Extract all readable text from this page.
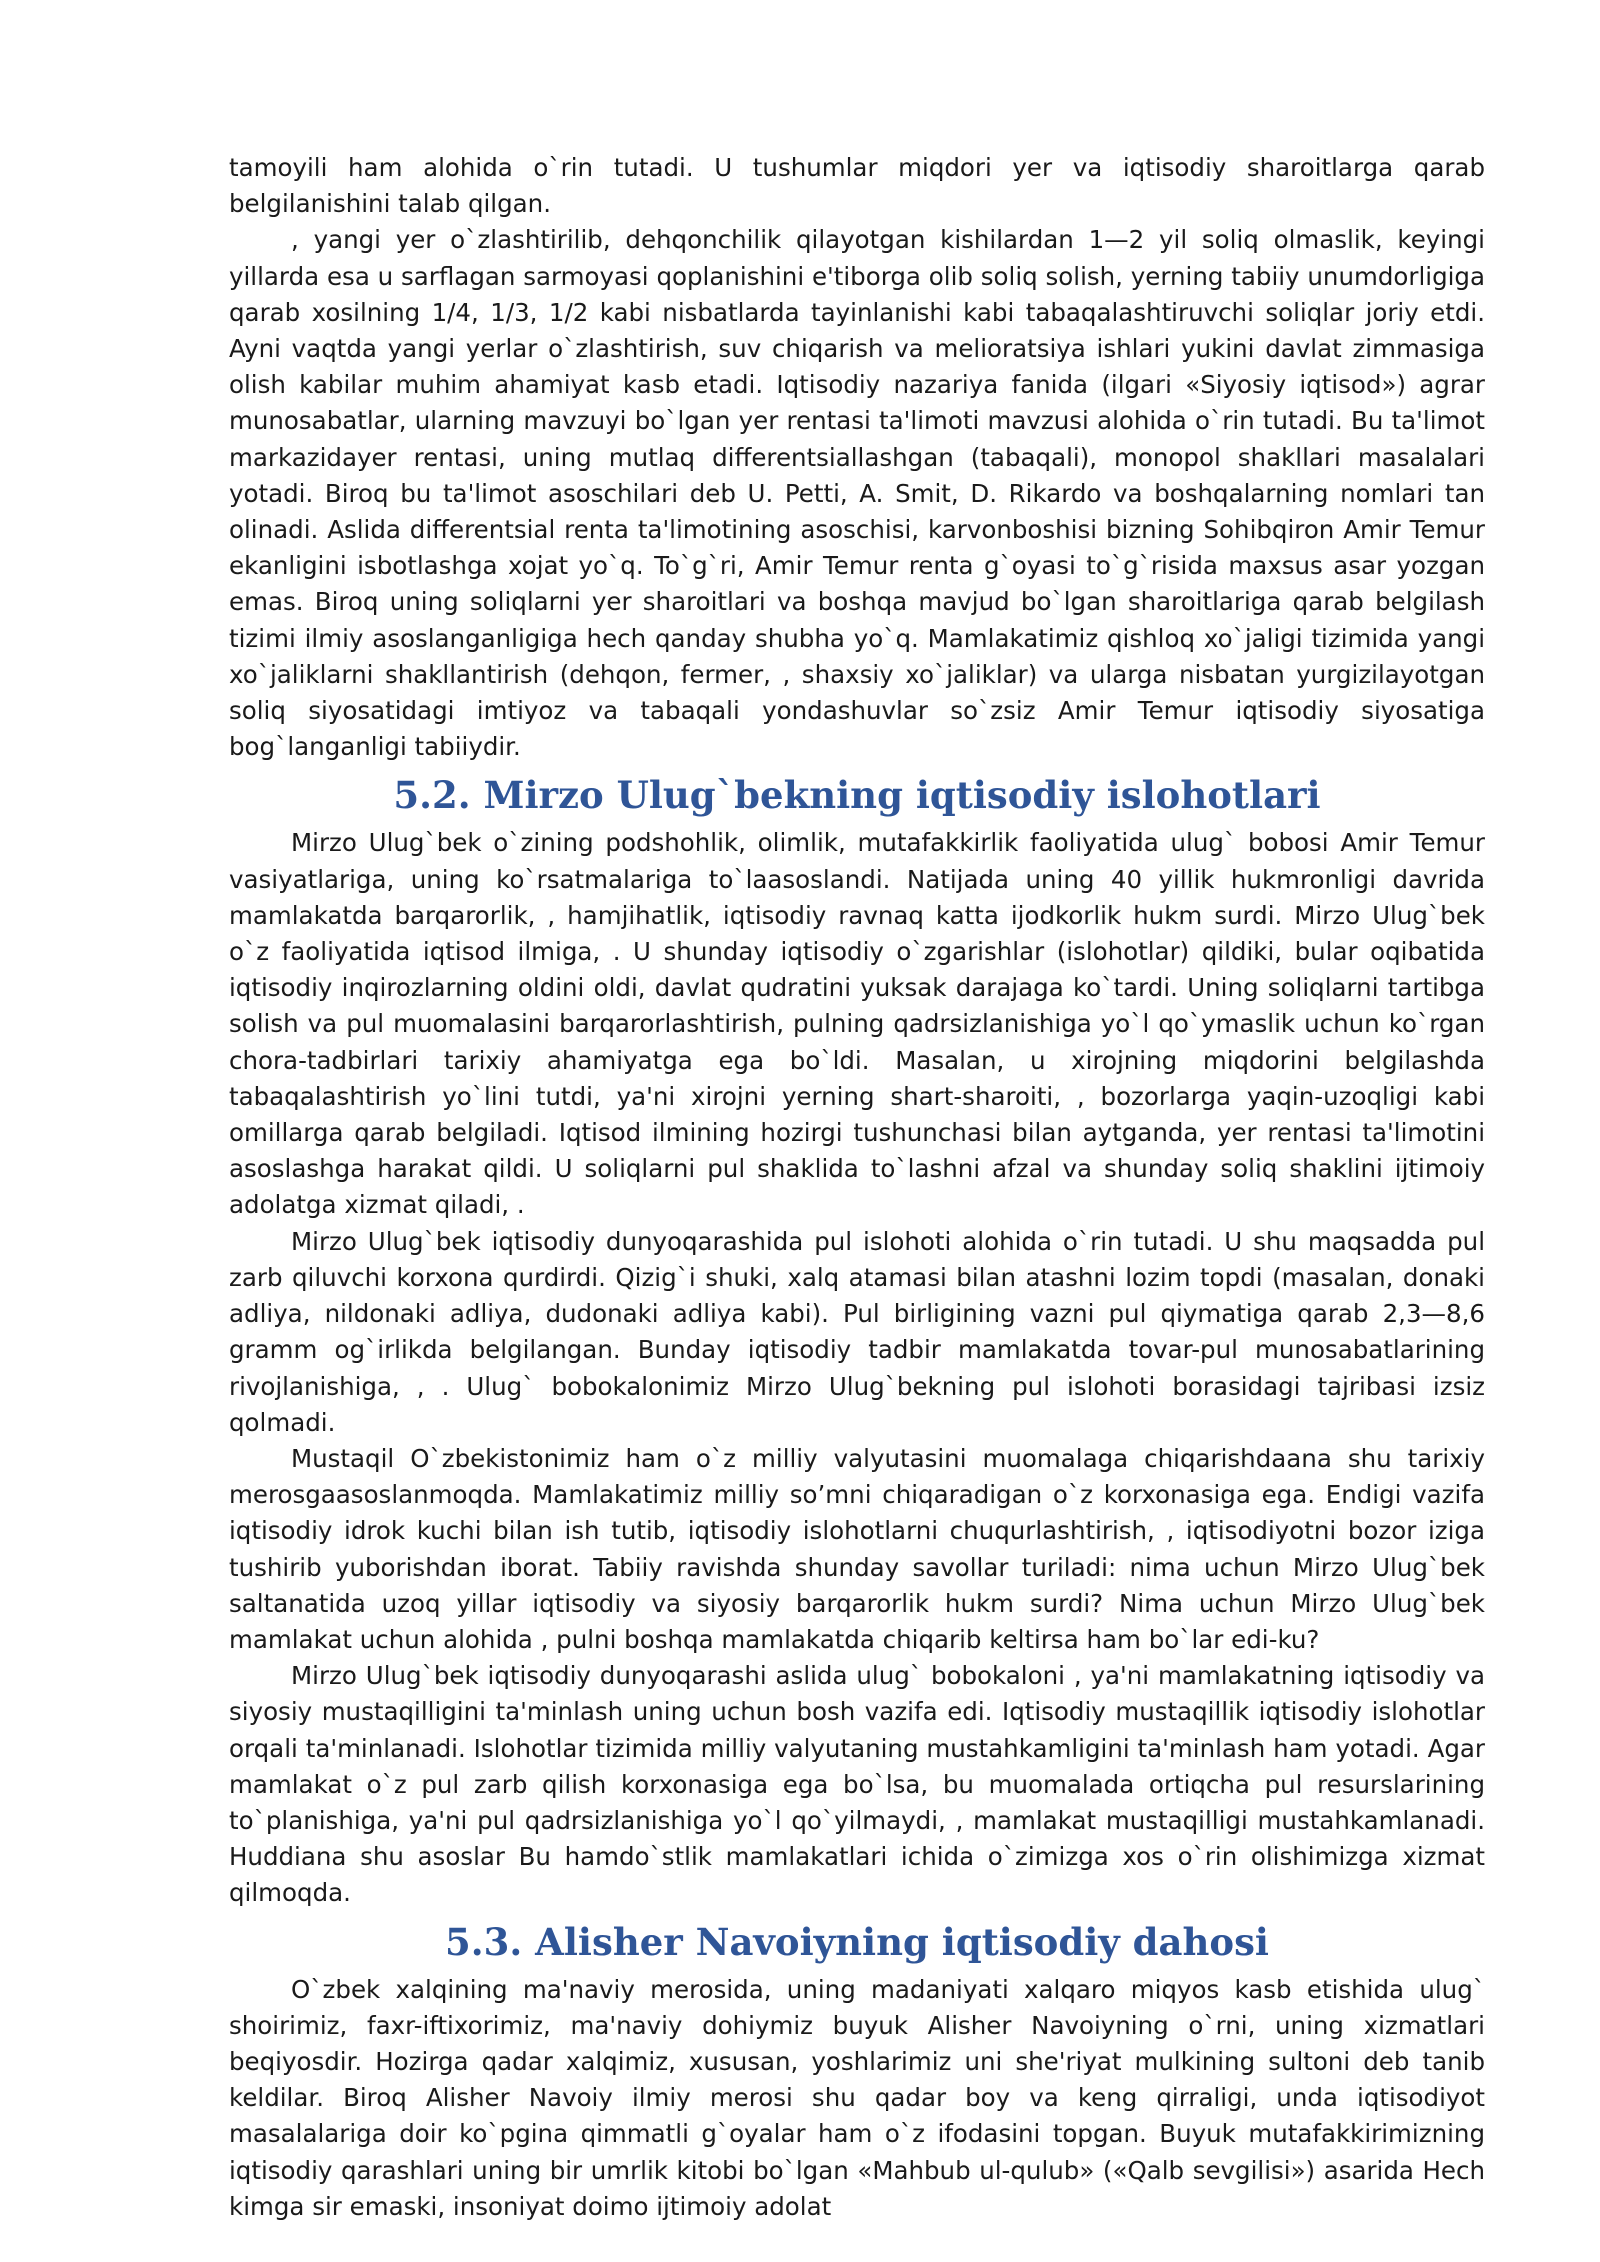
tamoyili ham alohida o`rin tutadi. U tushumlar miqdori yer va iqtisodiy sharoitlarga qarab belgilanishini talab qilgan.

, yangi yer o`zlashtirilib, dehqonchilik qilayotgan kishilardan 1—2 yil soliq olmaslik, keyingi yillarda esa u sarflagan sarmoyasi qoplanishini e'tiborga olib soliq solish, yerning tabiiy unumdorligiga qarab xosilning 1/4, 1/3, 1/2 kabi nisbatlarda tayinlanishi kabi tabaqalashtiruvchi soliqlar joriy etdi. Ayni vaqtda yangi yerlar o`zlashtirish, suv chiqarish va melioratsiya ishlari yukini davlat zimmasiga olish kabilar muhim ahamiyat kasb etadi. Iqtisodiy nazariya fanida (ilgari «Siyosiy iqtisod») agrar munosabatlar, ularning mavzuyi bo`lgan yer rentasi ta'limoti mavzusi alohida o`rin tutadi. Bu ta'limot markazidayer rentasi, uning mutlaq differentsiallashgan (tabaqali), monopol shakllari masalalari yotadi. Biroq bu ta'limot asoschilari deb U. Petti, A. Smit, D. Rikardo va boshqalarning nomlari tan olinadi. Aslida differentsial renta ta'limotining asoschisi, karvonboshisi bizning Sohibqiron Amir Temur ekanligini isbotlashga xojat yo`q. To`g`ri, Amir Temur renta g`oyasi to`g`risida maxsus asar yozgan emas. Biroq uning soliqlarni yer sharoitlari va boshqa mavjud bo`lgan sharoitlariga qarab belgilash tizimi ilmiy asoslanganligiga hech qanday shubha yo`q. Mamlakatimiz qishloq xo`jaligi tizimida yangi xo`jaliklarni shakllantirish (dehqon, fermer, , shaxsiy xo`jaliklar) va ularga nisbatan yurgizilayotgan soliq siyosatidagi imtiyoz va tabaqali yondashuvlar so`zsiz Amir Temur iqtisodiy siyosatiga bog`langanligi tabiiydir.

5.2. Mirzo Ulug`bekning iqtisodiy islohotlari

Mirzo Ulug`bek o`zining podshohlik, olimlik, mutafakkirlik faoliyatida ulug` bobosi Amir Temur vasiyatlariga, uning ko`rsatmalariga to`laasoslandi. Natijada uning 40 yillik hukmronligi davrida mamlakatda barqarorlik, , hamjihatlik, iqtisodiy ravnaq katta ijodkorlik hukm surdi. Mirzo Ulug`bek o`z faoliyatida iqtisod ilmiga, . U shunday iqtisodiy o`zgarishlar (islohotlar) qildiki, bular oqibatida iqtisodiy inqirozlarning oldini oldi, davlat qudratini yuksak darajaga ko`tardi. Uning soliqlarni tartibga solish va pul muomalasini barqarorlashtirish, pulning qadrsizlanishiga yo`l qo`ymaslik uchun ko`rgan chora-tadbirlari tarixiy ahamiyatga ega bo`ldi. Masalan, u xirojning miqdorini belgilashda tabaqalashtirish yo`lini tutdi, ya'ni xirojni yerning shart-sharoiti, , bozorlarga yaqin-uzoqligi kabi omillarga qarab belgiladi. Iqtisod ilmining hozirgi tushunchasi bilan aytganda, yer rentasi ta'limotini asoslashga harakat qildi. U soliqlarni pul shaklida to`lashni afzal va shunday soliq shaklini ijtimoiy adolatga xizmat qiladi, .

Mirzo Ulug`bek iqtisodiy dunyoqarashida pul islohoti alohida o`rin tutadi. U shu maqsadda pul zarb qiluvchi korxona qurdirdi. Qizig`i shuki, xalq atamasi bilan atashni lozim topdi (masalan, donaki adliya, nildonaki adliya, dudonaki adliya kabi). Pul birligining vazni pul qiymatiga qarab 2,3—8,6 gramm og`irlikda belgilangan. Bunday iqtisodiy tadbir mamlakatda tovar-pul munosabatlarining rivojlanishiga, , . Ulug` bobokalonimiz Mirzo Ulug`bekning pul islohoti borasidagi tajribasi izsiz qolmadi.

Mustaqil O`zbekistonimiz ham o`z milliy valyutasini muomalaga chiqarishdaana shu tarixiy merosgaasoslanmoqda. Mamlakatimiz milliy so’mni chiqaradigan o`z korxonasiga ega. Endigi vazifa iqtisodiy idrok kuchi bilan ish tutib, iqtisodiy islohotlarni chuqurlashtirish, , iqtisodiyotni bozor iziga tushirib yuborishdan iborat. Tabiiy ravishda shunday savollar turiladi: nima uchun Mirzo Ulug`bek saltanatida uzoq yillar iqtisodiy va siyosiy barqarorlik hukm surdi? Nima uchun Mirzo Ulug`bek mamlakat uchun alohida , pulni boshqa mamlakatda chiqarib keltirsa ham bo`lar edi-ku?

Mirzo Ulug`bek iqtisodiy dunyoqarashi aslida ulug` bobokaloni , ya'ni mamlakatning iqtisodiy va siyosiy mustaqilligini ta'minlash uning uchun bosh vazifa edi. Iqtisodiy mustaqillik iqtisodiy islohotlar orqali ta'minlanadi. Islohotlar tizimida milliy valyutaning mustahkamligini ta'minlash ham yotadi. Agar mamlakat o`z pul zarb qilish korxonasiga ega bo`lsa, bu muomalada ortiqcha pul resurslarining to`planishiga, ya'ni pul qadrsizlanishiga yo`l qo`yilmaydi, , mamlakat mustaqilligi mustahkamlanadi. Huddiana shu asoslar Bu hamdo`stlik mamlakatlari ichida o`zimizga xos o`rin olishimizga xizmat qilmoqda.

5.3. Alisher Navoiyning iqtisodiy dahosi

O`zbek xalqining ma'naviy merosida, uning madaniyati xalqaro miqyos kasb etishida ulug` shoirimiz, faxr-iftixorimiz, ma'naviy dohiymiz buyuk Alisher Navoiyning o`rni, uning xizmatlari beqiyosdir. Hozirga qadar xalqimiz, xususan, yoshlarimiz uni she'riyat mulkining sultoni deb tanib keldilar. Biroq Alisher Navoiy ilmiy merosi shu qadar boy va keng qirraligi, unda iqtisodiyot masalalariga doir ko`pgina qimmatli g`oyalar ham o`z ifodasini topgan. Buyuk mutafakkirimizning iqtisodiy qarashlari uning bir umrlik kitobi bo`lgan «Mahbub ul-qulub» («Qalb sevgilisi») asarida Hech kimga sir emaski, insoniyat doimo ijtimoiy adolat
